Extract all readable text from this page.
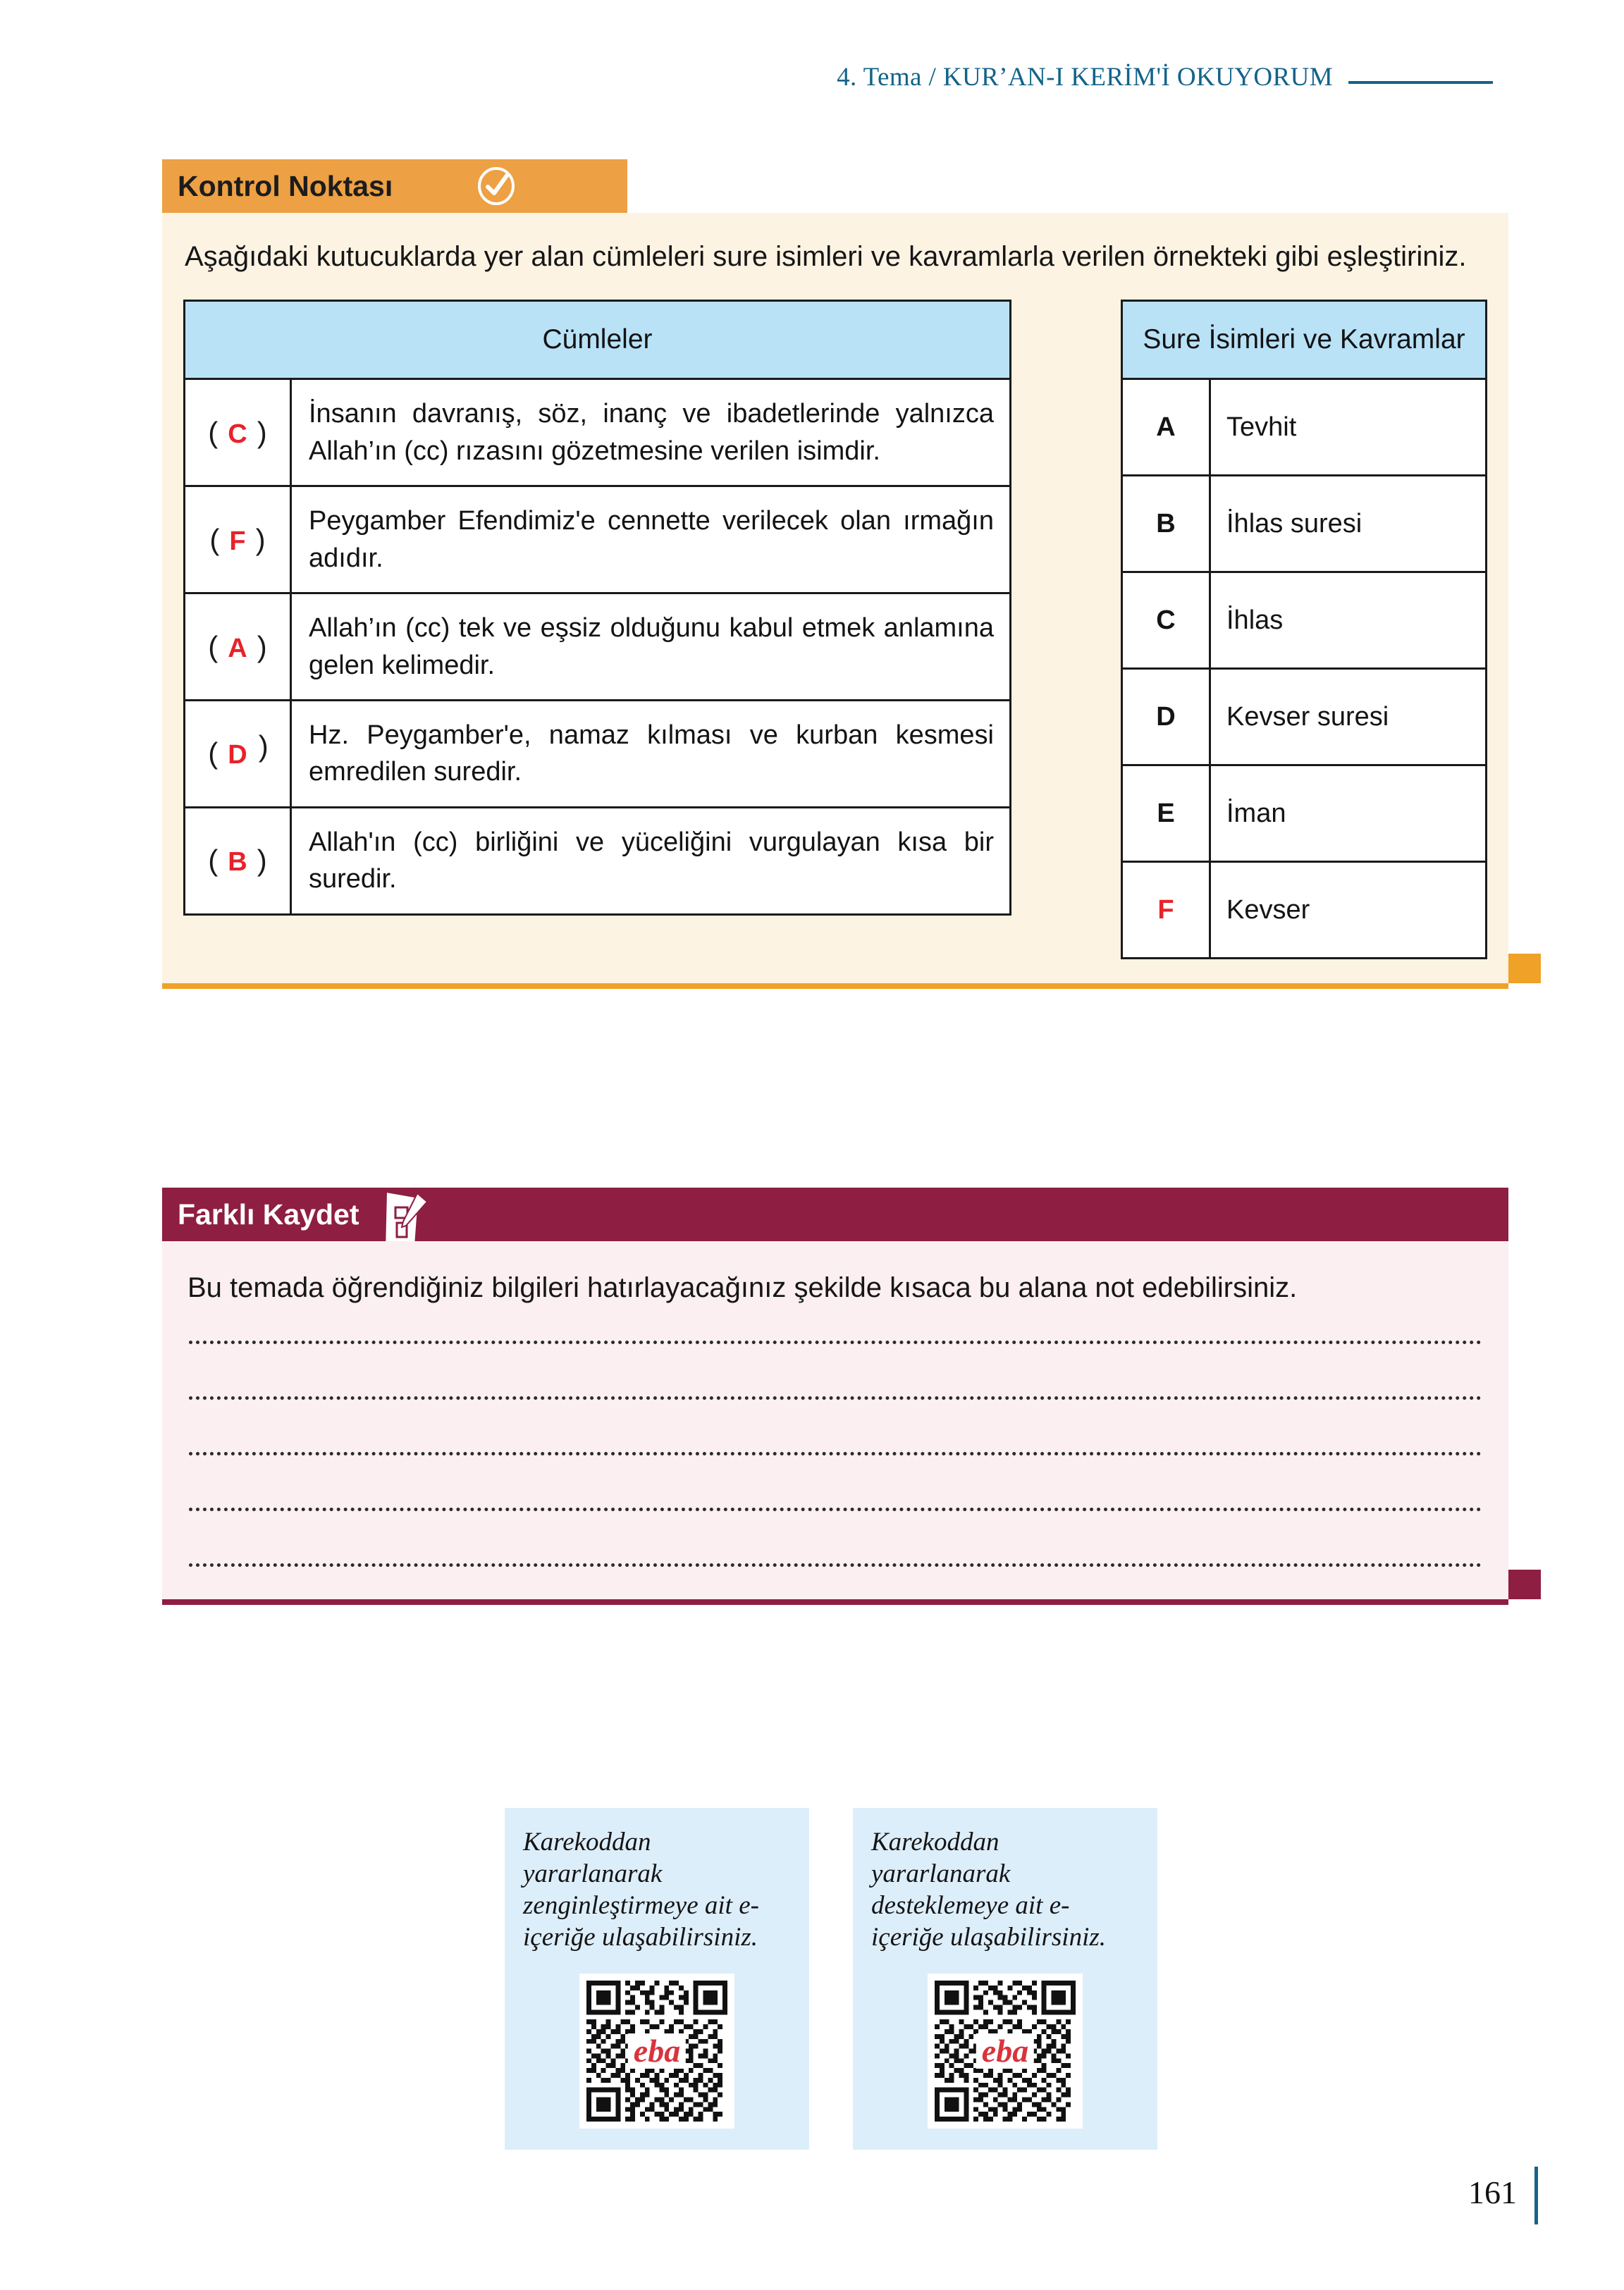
4. Tema / KUR’AN-I KERİM'İ OKUYORUM
Kontrol Noktası

Aşağıdaki kutucuklarda yer alan cümleleri sure isimleri ve kavramlarla verilen örnekteki gibi eşleştiriniz.

Cümleler	
( C )	İnsanın davranış, söz, inanç ve ibadetlerinde yalnızca Allah’ın (cc) rızasını gözetmesine verilen isimdir.
( F )	Peygamber Efendimiz'e cennette verilecek olan ırmağın adıdır.
( A )	Allah’ın (cc) tek ve eşsiz olduğunu kabul etmek anlamına gelen kelimedir.
( D )	Hz. Peygamber'e, namaz kılması ve kurban kesmesi emredilen suredir.
( B )	Allah'ın (cc) birliğini ve yüceliğini vurgulayan kısa bir suredir.
Sure İsimleri ve Kavramlar	
A	Tevhit
B	İhlas suresi
C	İhlas
D	Kevser suresi
E	İman
F	Kevser
Farklı Kaydet

Bu temada öğrendiğiniz bilgileri hatırlayacağınız şekilde kısaca bu alana not edebilirsiniz.

Karekoddan yararlanarak zenginleştirmeye ait e-içeriğe ulaşabilirsiniz.
eba
Karekoddan yararlanarak desteklemeye ait e-içeriğe ulaşabilirsiniz.
eba
161
